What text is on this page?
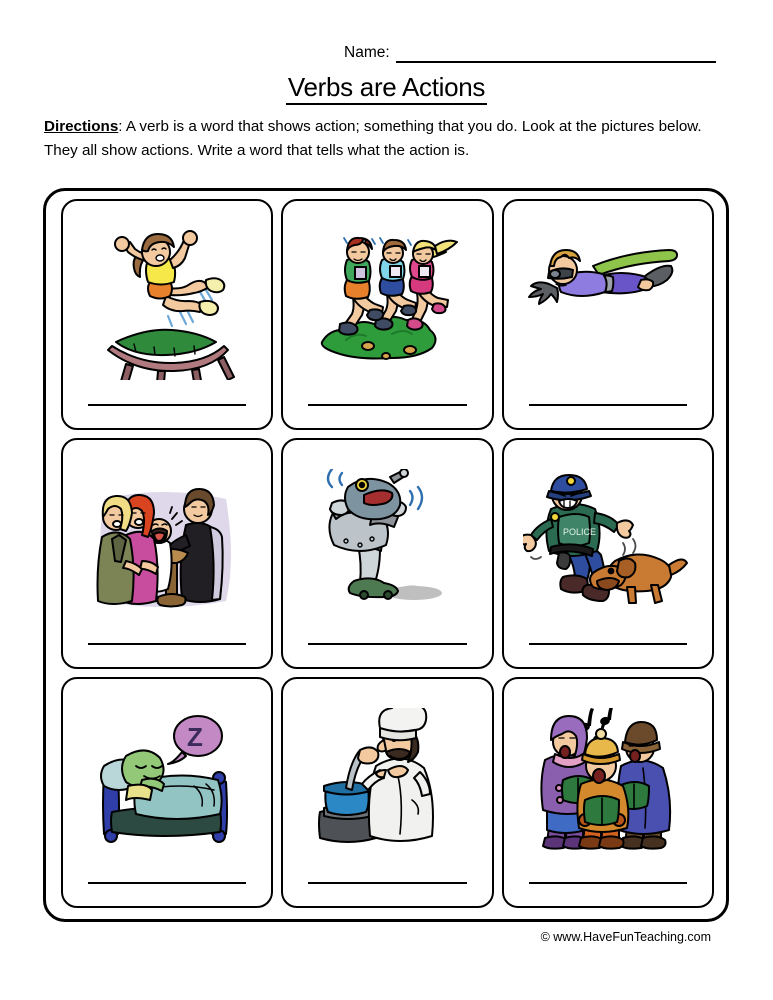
Name:
Verbs are Actions
Directions: A verb is a word that shows action; something that you do. Look at the pictures below. They all show actions. Write a word that tells what the action is.
POLICE
Z
© www.HaveFunTeaching.com
